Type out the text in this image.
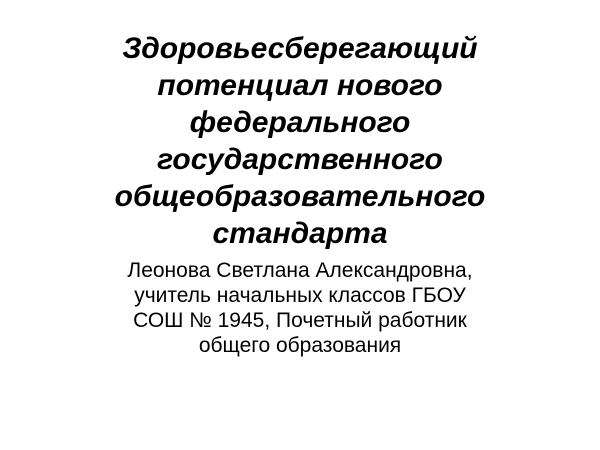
Здоровьесберегающий
потенциал нового
федерального
государственного
общеобразовательного
стандарта
Леонова Светлана Александровна,
учитель начальных классов ГБОУ
СОШ № 1945, Почетный работник
общего образования
